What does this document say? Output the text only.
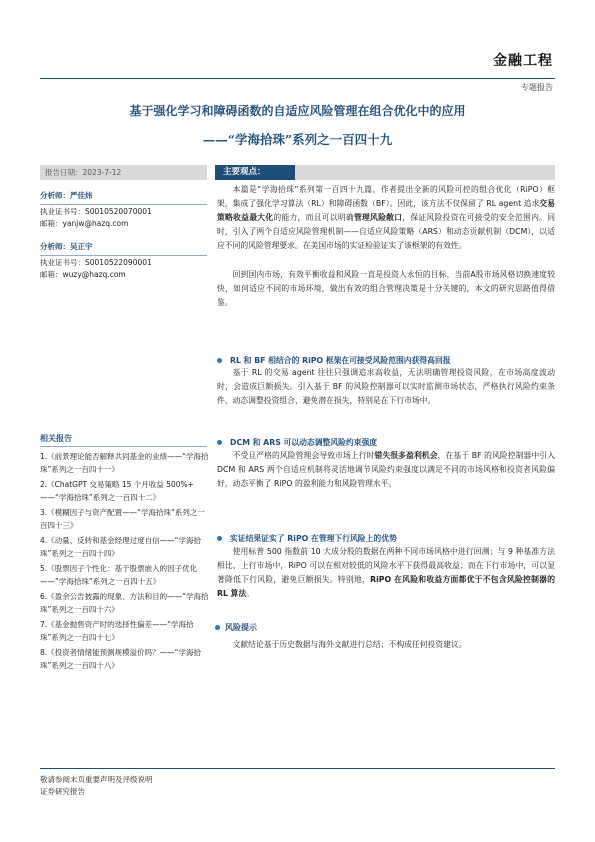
金融工程
专题报告
基于强化学习和障碍函数的自适应风险管理在组合优化中的应用
——“学海拾珠”系列之一百四十九
报告日期：2023-7-12
分析师： 严佳炜
执业证书号：S0010520070001
邮箱：yanjw@hazq.com
分析师： 吴正宇
执业证书号：S0010522090001
邮箱：wuzy@hazq.com
相关报告
1.《前景理论能否解释共同基金的业绩——“学海拾珠”系列之一百四十一》
2.《ChatGPT 交易策略 15 个月收益 500%+——“学海拾珠”系列之一百四十二》
3.《模糊因子与资产配置——“学海拾珠”系列之一百四十三》
4.《动量、反转和基金经理过度自信——“学海拾珠”系列之一百四十四》
5.《股票因子个性化：基于股票嵌入的因子优化——“学海拾珠”系列之一百四十五》
6.《盈余公告披露的现象、方法和目的——“学海拾珠”系列之一百四十六》
7.《基金抛售资产时的选择性偏差——“学海拾珠”系列之一百四十七》
8.《投资者情绪能预测规模溢价吗？——“学海拾珠”系列之一百四十八》
主要观点：
本篇是“学海拾珠”系列第一百四十九篇，作者提出全新的风险可控的组合优化（RiPO）框架，集成了强化学习算法（RL）和障碍函数（BF）。因此，该方法不仅保留了 RL agent 追求交易策略收益最大化的能力，而且可以明确管理风险敞口，保证风险投资在可接受的安全范围内。同时，引入了两个自适应风险管理机制——自适应风险策略（ARS）和动态贡献机制（DCM），以适应不同的风险管理要求。在美国市场的实证检验证实了该框架的有效性。
回到国内市场，有效平衡收益和风险一直是投资人永恒的目标，当前A股市场风格切换速度较快，如何适应不同的市场环境，做出有效的组合管理决策是十分关键的，本文的研究思路值得借鉴。
RL 和 BF 相结合的 RiPO 框架在可接受风险范围内获得高回报
基于 RL 的交易 agent 往往只强调追求高收益，无法明确管理投资风险，在市场高度波动时，会造成巨额损失。引入基于 BF 的风险控制器可以实时监测市场状态，严格执行风险约束条件，动态调整投资组合，避免潜在损失，特别是在下行市场中。
DCM 和 ARS 可以动态调整风险约束强度
不受且严格的风险管理会导致市场上行时错失很多盈利机会，在基于 BF 的风险控制器中引入 DCM 和 ARS 两个自适应机制将灵活地调节风险约束强度以满足不同的市场风格和投资者风险偏好，动态平衡了 RiPO 的盈利能力和风险管理水平。
实证结果证实了 RiPO 在管理下行风险上的优势
使用标普 500 指数前 10 大成分股的数据在两种不同市场风格中进行回测；与 9 种基准方法相比，上行市场中，RiPO 可以在相对较低的风险水平下获得最高收益；而在下行市场中，可以显著降低下行风险，避免巨额损失。特别地，RiPO 在风险和收益方面都优于不包含风险控制器的 RL 算法。
风险提示
文献结论基于历史数据与海外文献进行总结；不构成任何投资建议。
敬请参阅末页重要声明及评级说明
证券研究报告
